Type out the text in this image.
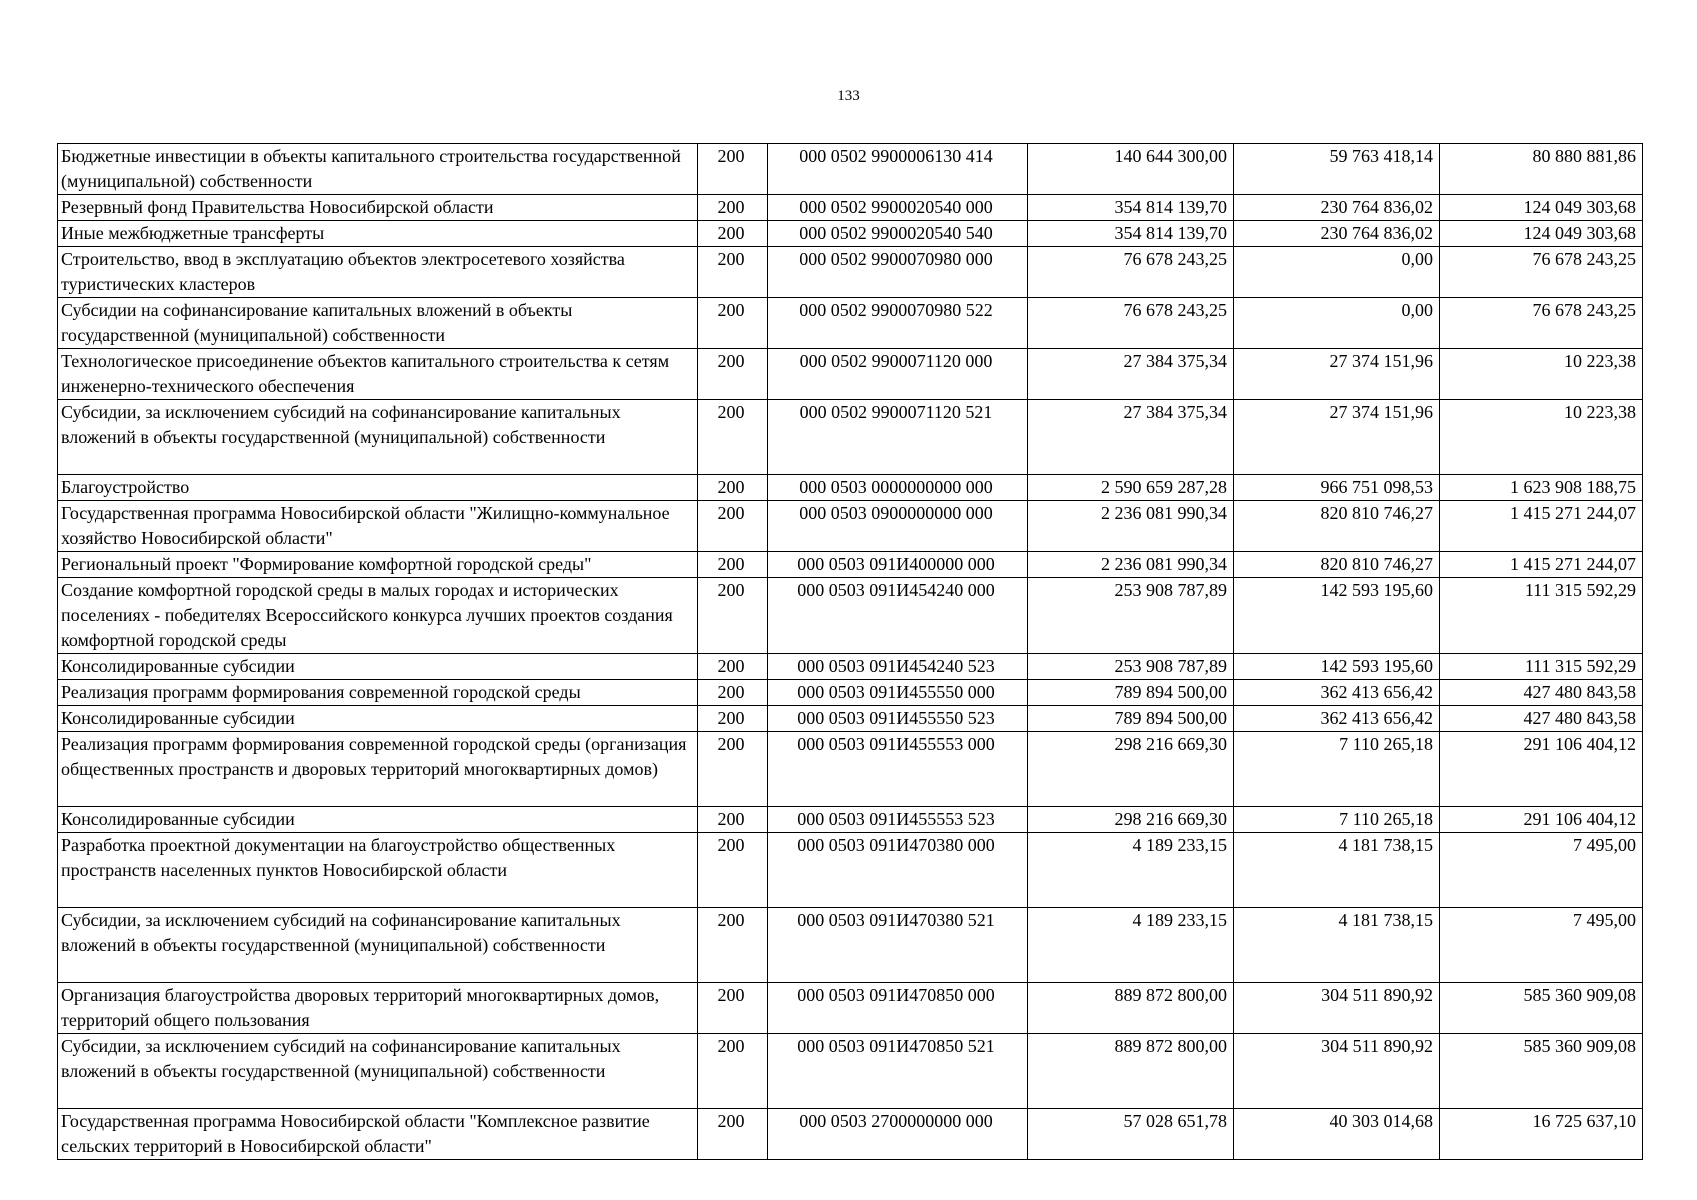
133
Бюджетные инвестиции в объекты капитального строительства государственной (муниципальной) собственности	200	000 0502 9900006130 414	140 644 300,00	59 763 418,14	80 880 881,86
Резервный фонд Правительства Новосибирской области	200	000 0502 9900020540 000	354 814 139,70	230 764 836,02	124 049 303,68
Иные межбюджетные трансферты	200	000 0502 9900020540 540	354 814 139,70	230 764 836,02	124 049 303,68
Строительство, ввод в эксплуатацию объектов электросетевого хозяйства туристических кластеров	200	000 0502 9900070980 000	76 678 243,25	0,00	76 678 243,25
Субсидии на софинансирование капитальных вложений в объекты государственной (муниципальной) собственности	200	000 0502 9900070980 522	76 678 243,25	0,00	76 678 243,25
Технологическое присоединение объектов капитального строительства к сетям инженерно-технического обеспечения	200	000 0502 9900071120 000	27 384 375,34	27 374 151,96	10 223,38
Субсидии, за исключением субсидий на софинансирование капитальных вложений в объекты государственной (муниципальной) собственности	200	000 0502 9900071120 521	27 384 375,34	27 374 151,96	10 223,38
Благоустройство	200	000 0503 0000000000 000	2 590 659 287,28	966 751 098,53	1 623 908 188,75
Государственная программа Новосибирской области "Жилищно-коммунальное хозяйство Новосибирской области"	200	000 0503 0900000000 000	2 236 081 990,34	820 810 746,27	1 415 271 244,07
Региональный проект "Формирование комфортной городской среды"	200	000 0503 091И400000 000	2 236 081 990,34	820 810 746,27	1 415 271 244,07
Создание комфортной городской среды в малых городах и исторических поселениях - победителях Всероссийского конкурса лучших проектов создания комфортной городской среды	200	000 0503 091И454240 000	253 908 787,89	142 593 195,60	111 315 592,29
Консолидированные субсидии	200	000 0503 091И454240 523	253 908 787,89	142 593 195,60	111 315 592,29
Реализация программ формирования современной городской среды	200	000 0503 091И455550 000	789 894 500,00	362 413 656,42	427 480 843,58
Консолидированные субсидии	200	000 0503 091И455550 523	789 894 500,00	362 413 656,42	427 480 843,58
Реализация программ формирования современной городской среды (организация общественных пространств и дворовых территорий многоквартирных домов)	200	000 0503 091И455553 000	298 216 669,30	7 110 265,18	291 106 404,12
Консолидированные субсидии	200	000 0503 091И455553 523	298 216 669,30	7 110 265,18	291 106 404,12
Разработка проектной документации на благоустройство общественных пространств населенных пунктов Новосибирской области	200	000 0503 091И470380 000	4 189 233,15	4 181 738,15	7 495,00
Субсидии, за исключением субсидий на софинансирование капитальных вложений в объекты государственной (муниципальной) собственности	200	000 0503 091И470380 521	4 189 233,15	4 181 738,15	7 495,00
Организация благоустройства дворовых территорий многоквартирных домов, территорий общего пользования	200	000 0503 091И470850 000	889 872 800,00	304 511 890,92	585 360 909,08
Субсидии, за исключением субсидий на софинансирование капитальных вложений в объекты государственной (муниципальной) собственности	200	000 0503 091И470850 521	889 872 800,00	304 511 890,92	585 360 909,08
Государственная программа Новосибирской области "Комплексное развитие сельских территорий в Новосибирской области"	200	000 0503 2700000000 000	57 028 651,78	40 303 014,68	16 725 637,10
